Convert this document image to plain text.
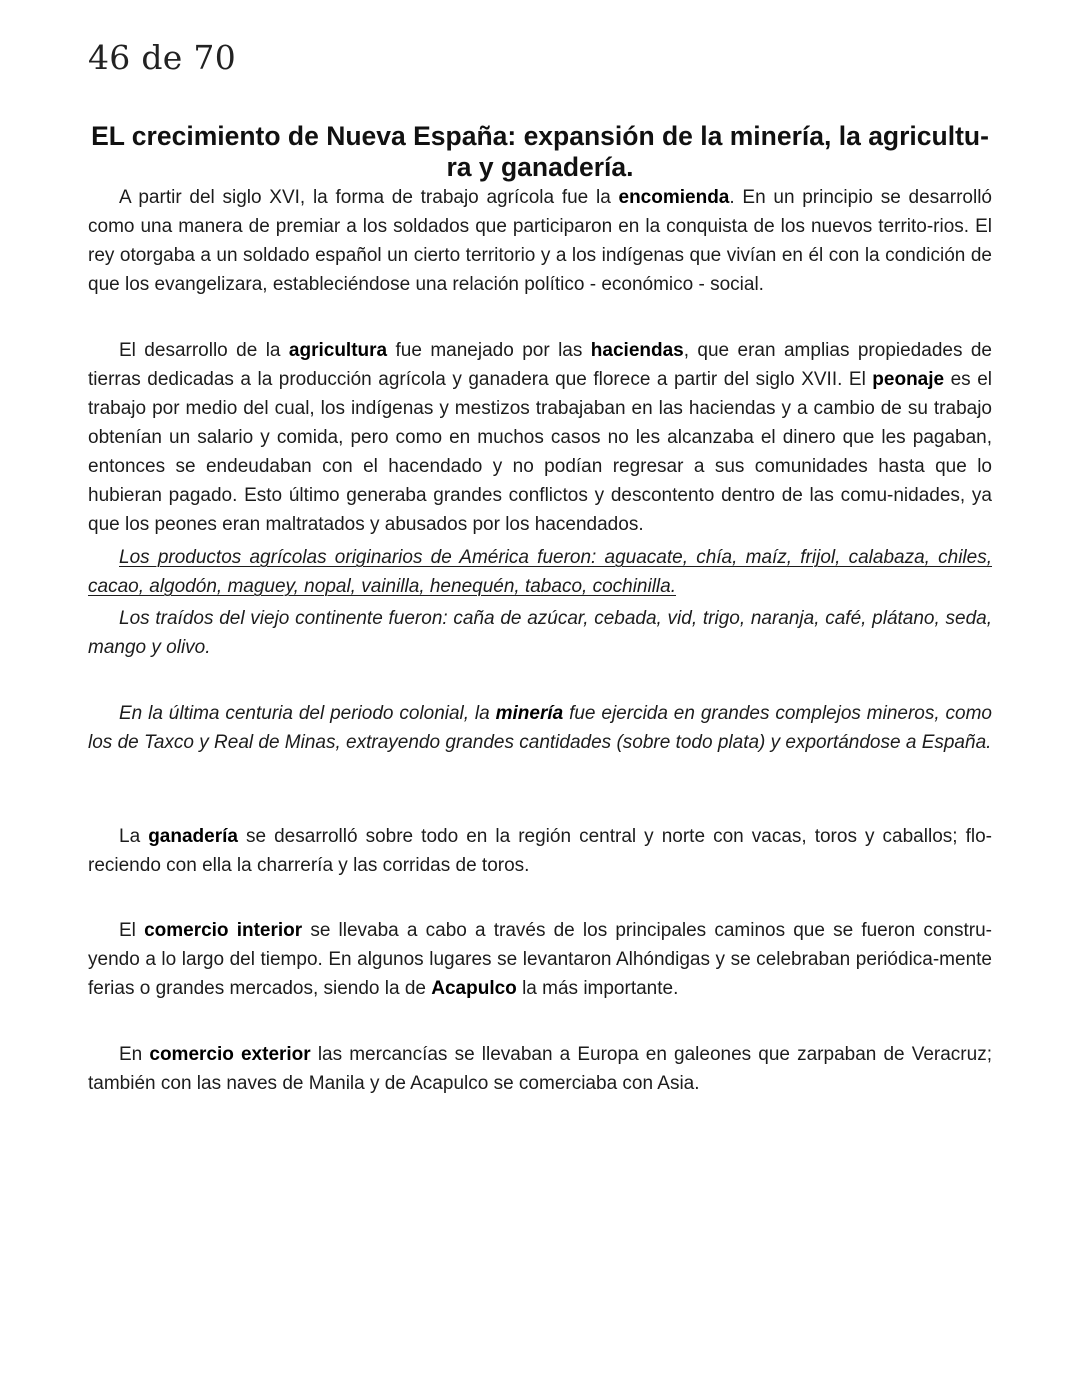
46 de 70
EL crecimiento de Nueva España: expansión de la minería, la agricultu-ra y ganadería.

A partir del siglo XVI, la forma de trabajo agrícola fue la encomienda. En un principio se desarrolló como una manera de premiar a los soldados que participaron en la conquista de los nuevos territo-rios. El rey otorgaba a un soldado español un cierto territorio y a los indígenas que vivían en él con la condición de que los evangelizara, estableciéndose una relación político - económico - social.

El desarrollo de la agricultura fue manejado por las haciendas, que eran amplias propiedades de tierras dedicadas a la producción agrícola y ganadera que florece a partir del siglo XVII. El peonaje es el trabajo por medio del cual, los indígenas y mestizos trabajaban en las haciendas y a cambio de su trabajo obtenían un salario y comida, pero como en muchos casos no les alcanzaba el dinero que les pagaban, entonces se endeudaban con el hacendado y no podían regresar a sus comunidades hasta que lo hubieran pagado. Esto último generaba grandes conflictos y descontento dentro de las comu-nidades, ya que los peones eran maltratados y abusados por los hacendados.

Los productos agrícolas originarios de América fueron: aguacate, chía, maíz, frijol, calabaza, chiles, cacao, algodón, maguey, nopal, vainilla, henequén, tabaco, cochinilla.

Los traídos del viejo continente fueron: caña de azúcar, cebada, vid, trigo, naranja, café, plátano, seda, mango y olivo.

En la última centuria del periodo colonial, la minería fue ejercida en grandes complejos mineros, como los de Taxco y Real de Minas, extrayendo grandes cantidades (sobre todo plata) y exportándose a España.

La ganadería se desarrolló sobre todo en la región central y norte con vacas, toros y caballos; flo-reciendo con ella la charrería y las corridas de toros.

El comercio interior se llevaba a cabo a través de los principales caminos que se fueron constru-yendo a lo largo del tiempo. En algunos lugares se levantaron Alhóndigas y se celebraban periódica-mente ferias o grandes mercados, siendo la de Acapulco la más importante.

En comercio exterior las mercancías se llevaban a Europa en galeones que zarpaban de Veracruz; también con las naves de Manila y de Acapulco se comerciaba con Asia.
